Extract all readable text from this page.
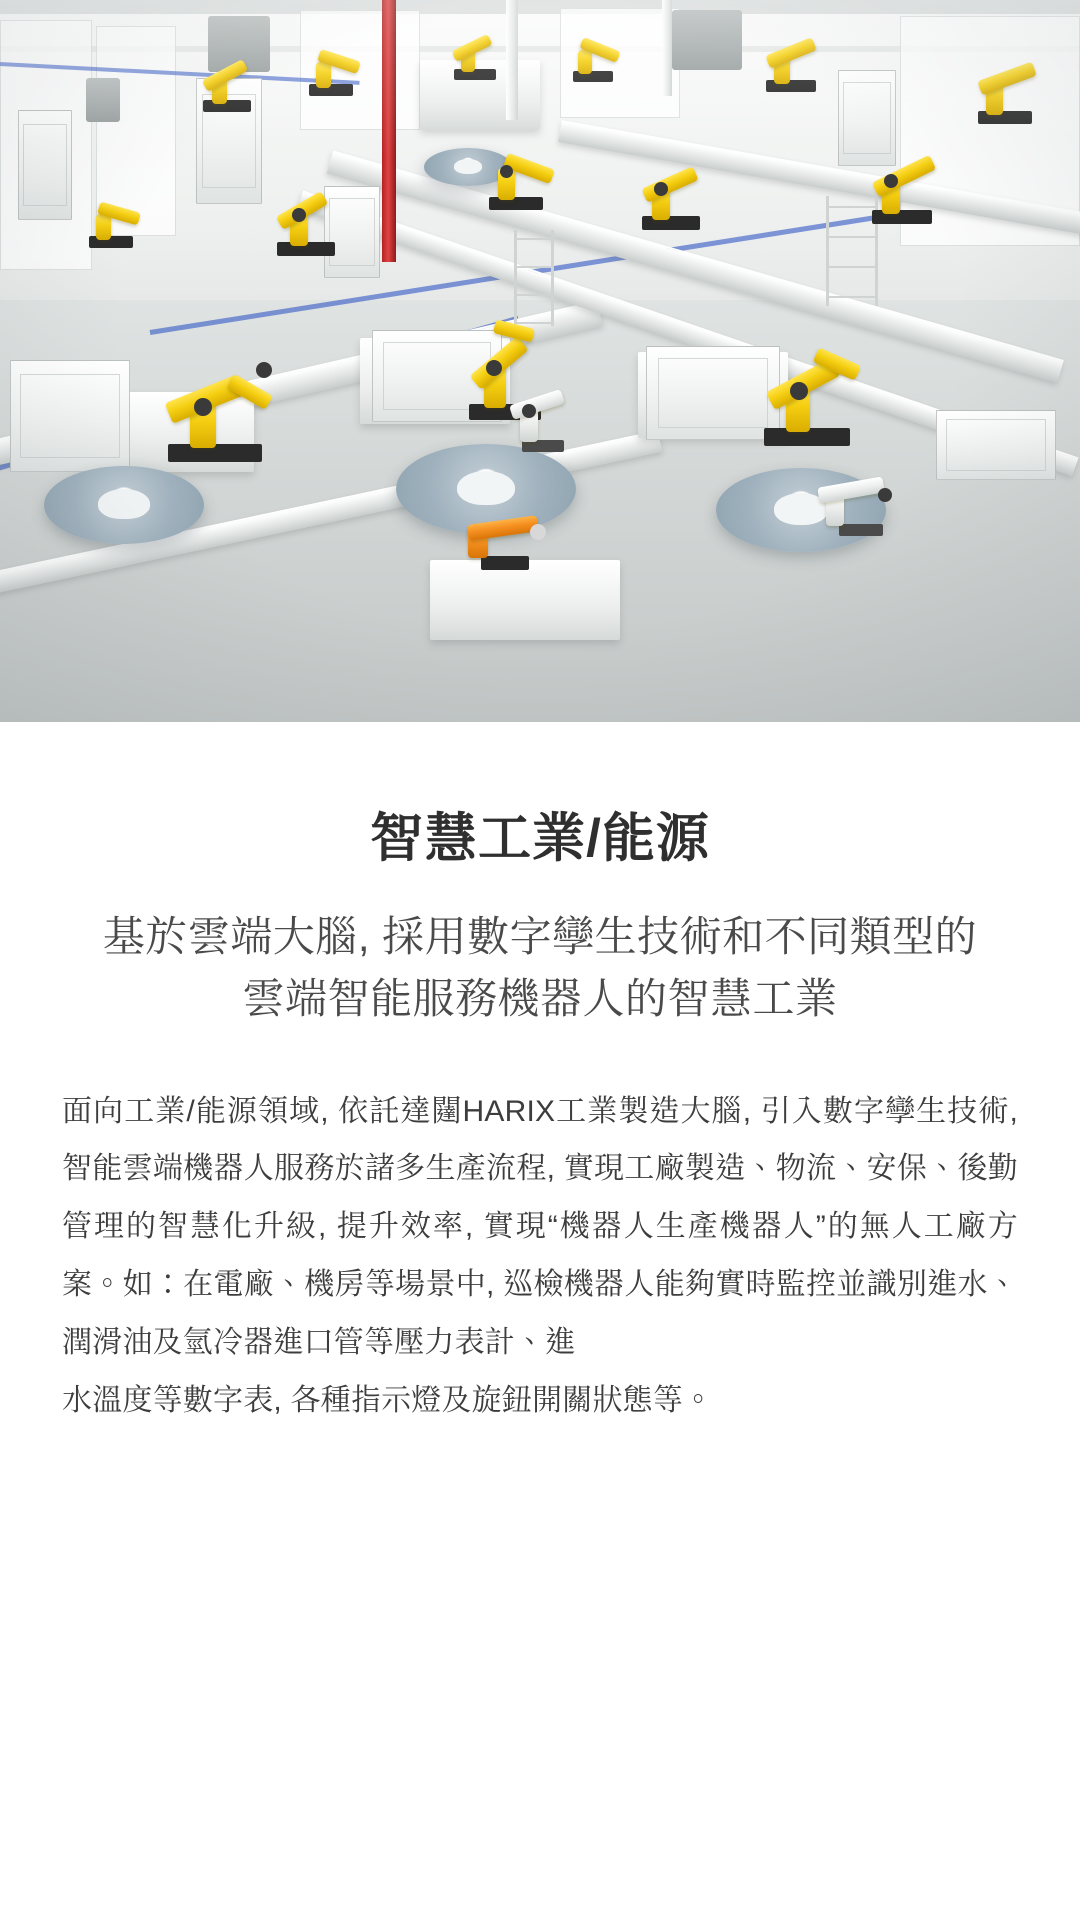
智慧工業/能源
基於雲端大腦, 採用數字孿生技術和不同類型的雲端智能服務機器人的智慧工業

面向工業/能源領域, 依託達闥HARIX工業製造大腦, 引入數字孿生技術, 智能雲端機器人服務於諸多生產流程, 實現工廠製造、物流、安保、後勤管理的智慧化升級, 提升效率, 實現“機器人生產機器人”的無人工廠方案。如：在電廠、機房等場景中, 巡檢機器人能夠實時監控並識別進水、潤滑油及氫冷器進口管等壓力表計、進

水溫度等數字表, 各種指示燈及旋鈕開關狀態等。
